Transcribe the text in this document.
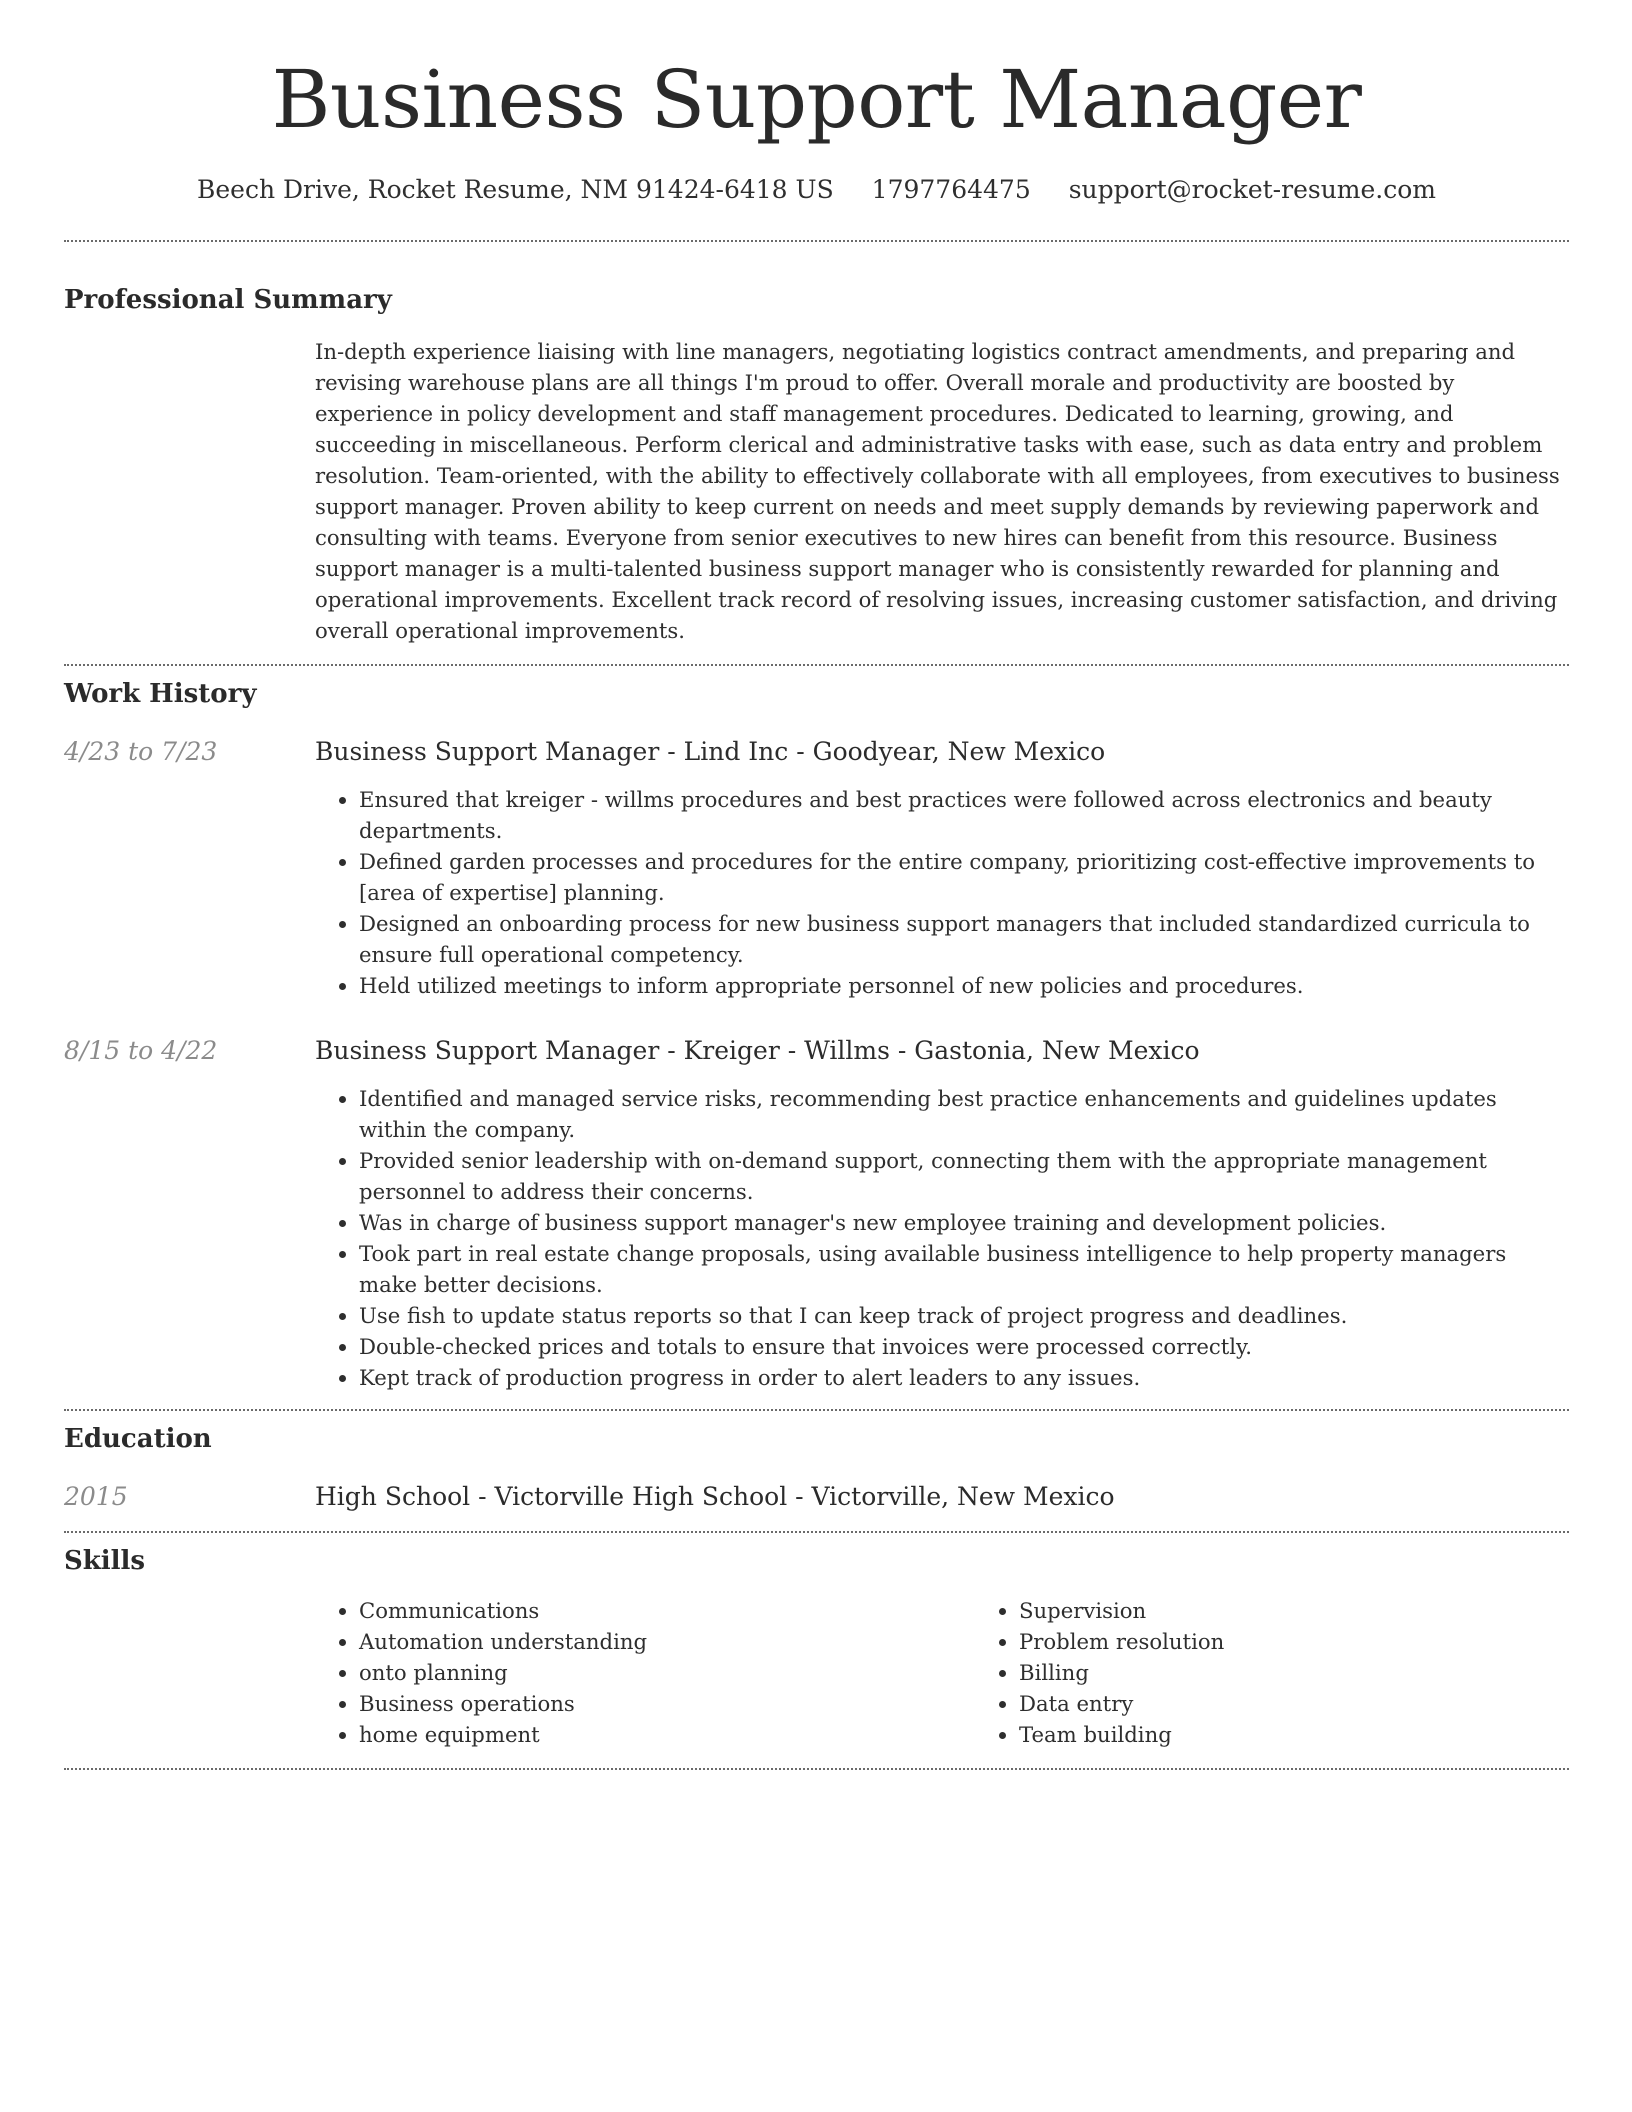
Business Support Manager
Beech Drive, Rocket Resume, NM 91424-6418 US 1797764475 support@rocket-resume.com
Professional Summary

In-depth experience liaising with line managers, negotiating logistics contract amendments, and preparing and revising warehouse plans are all things I'm proud to offer. Overall morale and productivity are boosted by experience in policy development and staff management procedures. Dedicated to learning, growing, and succeeding in miscellaneous. Perform clerical and administrative tasks with ease, such as data entry and problem resolution. Team-oriented, with the ability to effectively collaborate with all employees, from executives to business support manager. Proven ability to keep current on needs and meet supply demands by reviewing paperwork and consulting with teams. Everyone from senior executives to new hires can benefit from this resource. Business support manager is a multi-talented business support manager who is consistently rewarded for planning and operational improvements. Excellent track record of resolving issues, increasing customer satisfaction, and driving overall operational improvements.

Work History
4/23 to 7/23	Business Support Manager - Lind Inc - Goodyear, New Mexico
• Ensured that kreiger - willms procedures and best practices were followed across electronics and beauty departments.
• Defined garden processes and procedures for the entire company, prioritizing cost-effective improvements to [area of expertise] planning.
• Designed an onboarding process for new business support managers that included standardized curricula to ensure full operational competency.
• Held utilized meetings to inform appropriate personnel of new policies and procedures.
8/15 to 4/22	Business Support Manager - Kreiger - Willms - Gastonia, New Mexico
• Identified and managed service risks, recommending best practice enhancements and guidelines updates within the company.
• Provided senior leadership with on-demand support, connecting them with the appropriate management personnel to address their concerns.
• Was in charge of business support manager's new employee training and development policies.
• Took part in real estate change proposals, using available business intelligence to help property managers make better decisions.
• Use fish to update status reports so that I can keep track of project progress and deadlines.
• Double-checked prices and totals to ensure that invoices were processed correctly.
• Kept track of production progress in order to alert leaders to any issues.
Education
2015	High School - Victorville High School - Victorville, New Mexico
Skills
• Communications
• Automation understanding
• onto planning
• Business operations
• home equipment
• Supervision
• Problem resolution
• Billing
• Data entry
• Team building
